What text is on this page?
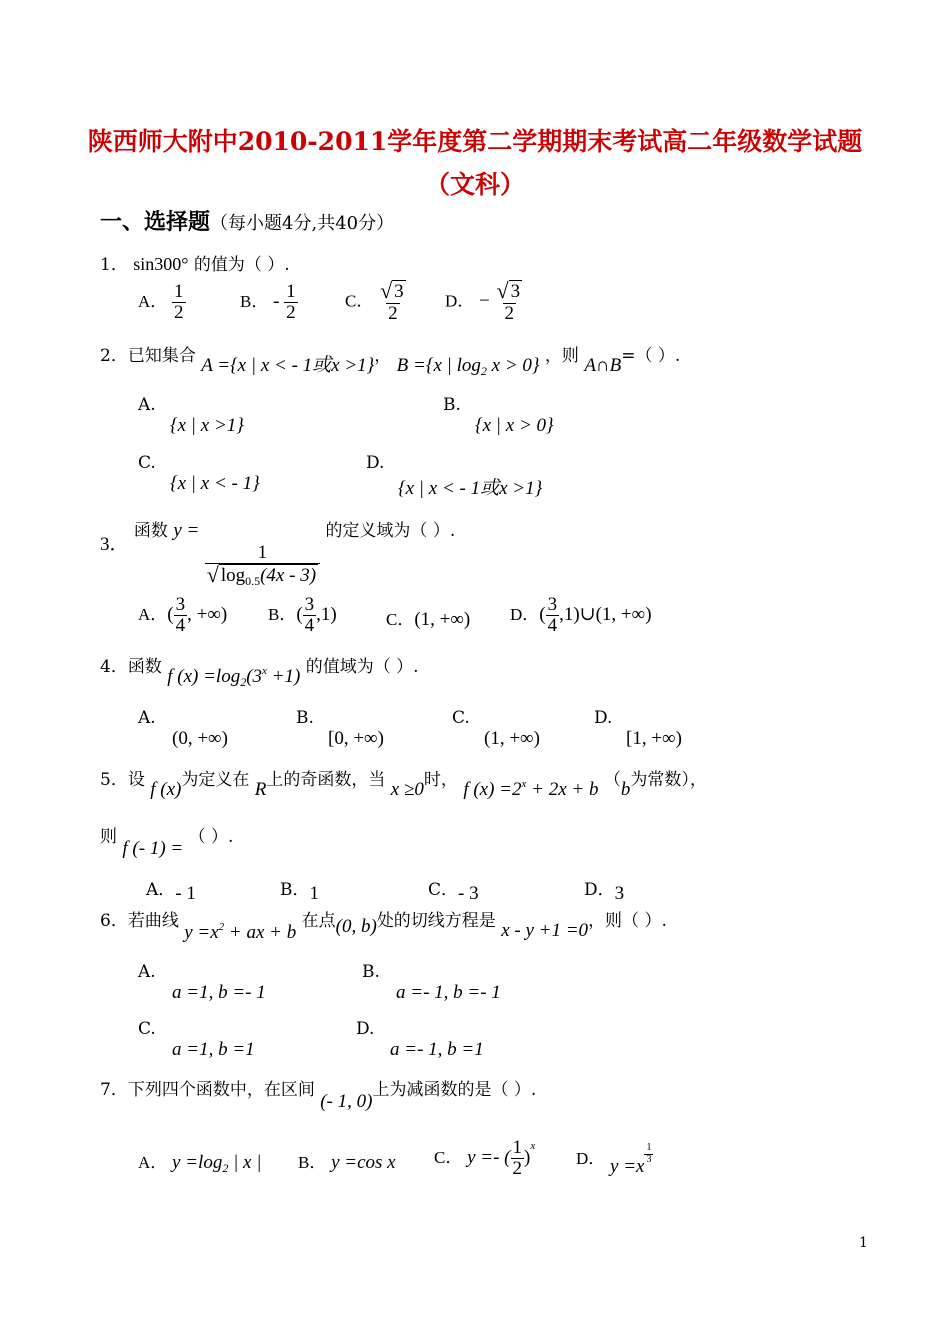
陕西师大附中2010-2011学年度第二学期期末考试高二年级数学试题
（文科）
一、选择题（每小题4分,共40分）
1． sin300° 的值为（ ）.
A． $\frac{1}{2}$	B． - $\frac{1}{2}$	C． $\frac{√ 3}{2}$ D． − $\frac{√ 3}{2}$
2．已知集合 A ={x | x < - 1或x >1}， B ={x | $\log_2 x > 0$} ，则 A∩B=（ ）.
A.
{x | x >1}
B.
{x | x > 0}
C.
{x | x < - 1}
D.
{x | x < - 1或x >1}
3． 函数 y =
$\frac{1}{√ \log_{0.5}(4x - 3)}$
的定义域为（ ）.
A．( $\frac{3}{4}$ , +∞) B．( $\frac{3}{4} ,1$)	C．(1, +∞) D．( $\frac{3}{4}$ ,1)∪(1, +∞)
4．函数 f $(x) =\log_2(3^x +1)$ 的值域为（ ）.
A.
(0, +∞)
B.
[0, +∞)
C.
(1, +∞)
D.
[1, +∞)
5．设 f (x)为定义在 R上的奇函数，当 x ≥0时， f $(x) =2^x + 2x + b$ （b为常数），
则 f (- 1) = （ ）.
A．- 1	B．1	C．- 3	D．3
6．若曲线 $y =x^2$ + ax + b 在点(0, b)处的切线方程是 x - y +1 =0，则（ ）.
A.
a =1, b =- 1
B.
a =- 1, b =- 1
C.
a =1, b =1
D.
a =- 1, b =1
7．下列四个函数中，在区间 (- 1, 0)上为减函数的是（ ）.
A． $y =\log_2$ | x | B． y =cos x C． y =- ( $\frac{1}{2} )^x$
D． y =x
$\frac{1}{3}$
1
